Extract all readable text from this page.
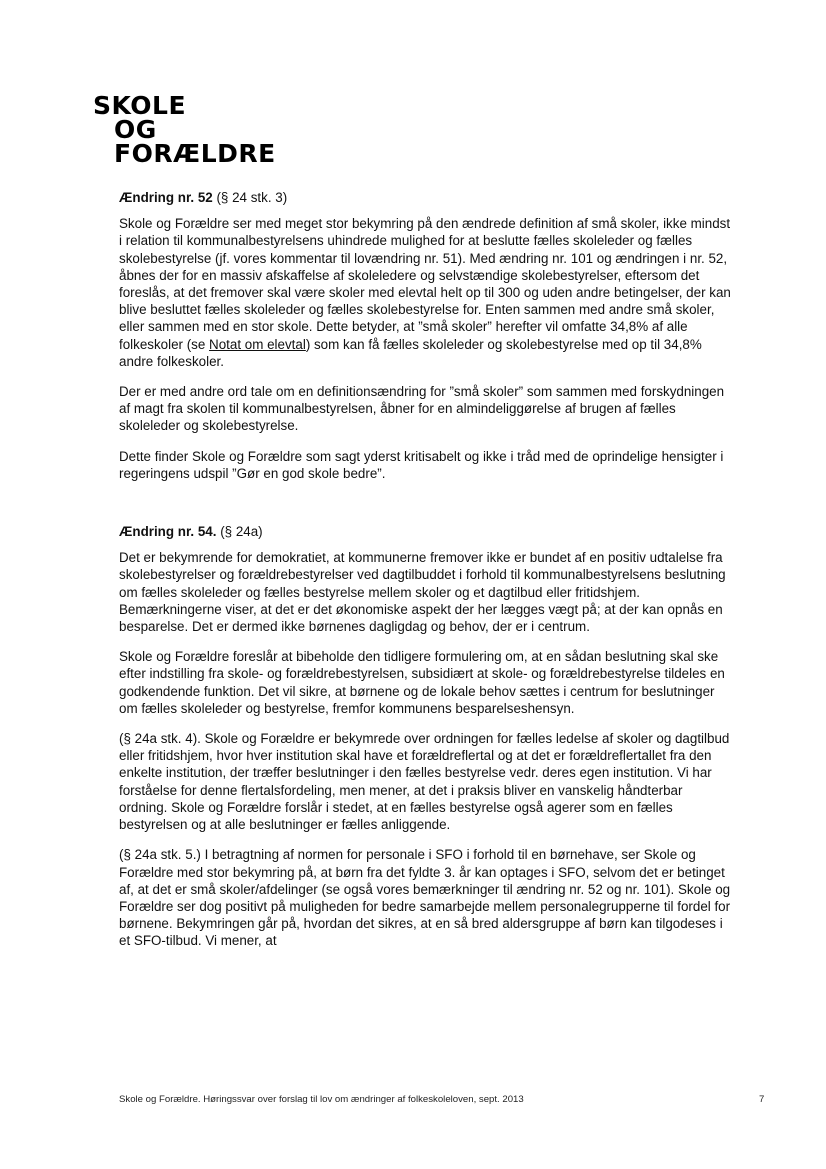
SKOLE
OG
FORÆLDRE

Ændring nr. 52 (§ 24 stk. 3)

Skole og Forældre ser med meget stor bekymring på den ændrede definition af små skoler, ikke mindst i relation til kommunalbestyrelsens uhindrede mulighed for at beslutte fælles skoleleder og fælles skolebestyrelse (jf. vores kommentar til lovændring nr. 51). Med ændring nr. 101 og ændringen i nr. 52, åbnes der for en massiv afskaffelse af skoleledere og selvstændige skolebestyrelser, eftersom det foreslås, at det fremover skal være skoler med elevtal helt op til 300 og uden andre betingelser, der kan blive besluttet fælles skoleleder og fælles skolebestyrelse for. Enten sammen med andre små skoler, eller sammen med en stor skole. Dette betyder, at ”små skoler” herefter vil omfatte 34,8% af alle folkeskoler (se Notat om elevtal) som kan få fælles skoleleder og skolebestyrelse med op til 34,8% andre folkeskoler.

Der er med andre ord tale om en definitionsændring for ”små skoler” som sammen med forskydningen af magt fra skolen til kommunalbestyrelsen, åbner for en almindeliggørelse af brugen af fælles skoleleder og skolebestyrelse.

Dette finder Skole og Forældre som sagt yderst kritisabelt og ikke i tråd med de oprindelige hensigter i regeringens udspil ”Gør en god skole bedre”.

Ændring nr. 54. (§ 24a)

Det er bekymrende for demokratiet, at kommunerne fremover ikke er bundet af en positiv udtalelse fra skolebestyrelser og forældrebestyrelser ved dagtilbuddet i forhold til kommunalbestyrelsens beslutning om fælles skoleleder og fælles bestyrelse mellem skoler og et dagtilbud eller fritidshjem. Bemærkningerne viser, at det er det økonomiske aspekt der her lægges vægt på; at der kan opnås en besparelse. Det er dermed ikke børnenes dagligdag og behov, der er i centrum.

Skole og Forældre foreslår at bibeholde den tidligere formulering om, at en sådan beslutning skal ske efter indstilling fra skole- og forældrebestyrelsen, subsidiært at skole- og forældrebestyrelse tildeles en godkendende funktion. Det vil sikre, at børnene og de lokale behov sættes i centrum for beslutninger om fælles skoleleder og bestyrelse, fremfor kommunens besparelseshensyn.

(§ 24a stk. 4). Skole og Forældre er bekymrede over ordningen for fælles ledelse af skoler og dagtilbud eller fritidshjem, hvor hver institution skal have et forældreflertal og at det er forældreflertallet fra den enkelte institution, der træffer beslutninger i den fælles bestyrelse vedr. deres egen institution. Vi har forståelse for denne flertalsfordeling, men mener, at det i praksis bliver en vanskelig håndterbar ordning. Skole og Forældre forslår i stedet, at en fælles bestyrelse også agerer som en fælles bestyrelsen og at alle beslutninger er fælles anliggende.

(§ 24a stk. 5.) I betragtning af normen for personale i SFO i forhold til en børnehave, ser Skole og Forældre med stor bekymring på, at børn fra det fyldte 3. år kan optages i SFO, selvom det er betinget af, at det er små skoler/afdelinger (se også vores bemærkninger til ændring nr. 52 og nr. 101). Skole og Forældre ser dog positivt på muligheden for bedre samarbejde mellem personalegrupperne til fordel for børnene. Bekymringen går på, hvordan det sikres, at en så bred aldersgruppe af børn kan tilgodeses i et SFO-tilbud. Vi mener, at

Skole og Forældre. Høringssvar over forslag til lov om ændringer af folkeskoleloven, sept. 2013	7
